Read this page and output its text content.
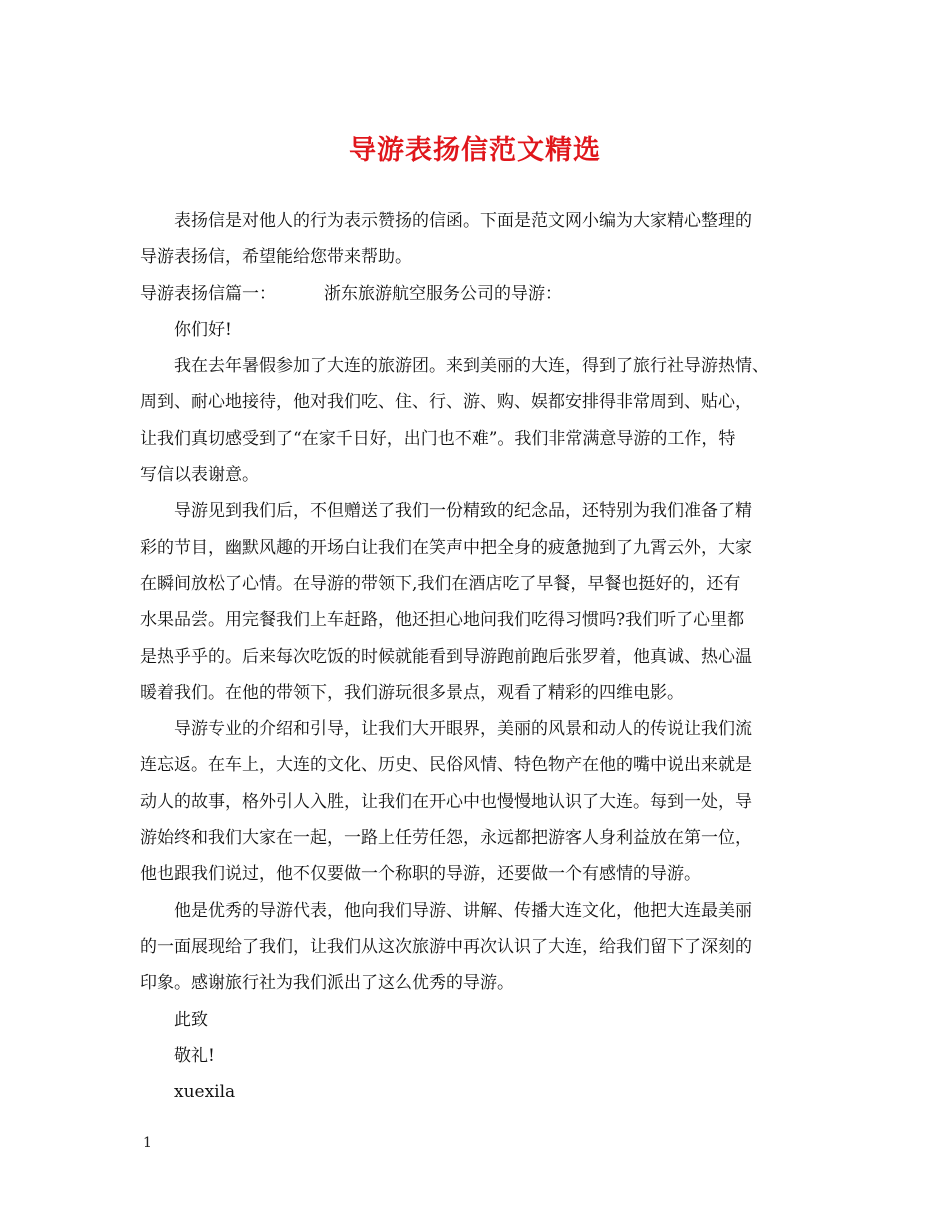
导游表扬信范文精选
表扬信是对他人的行为表示赞扬的信函。下面是范文网小编为大家精心整理的
导游表扬信，希望能给您带来帮助。
导游表扬信篇一：	浙东旅游航空服务公司的导游：
你们好!
我在去年暑假参加了大连的旅游团。来到美丽的大连，得到了旅行社导游热情、
周到、耐心地接待，他对我们吃、住、行、游、购、娱都安排得非常周到、贴心，
让我们真切感受到了“在家千日好，出门也不难”。我们非常满意导游的工作，特
写信以表谢意。
导游见到我们后，不但赠送了我们一份精致的纪念品，还特别为我们准备了精
彩的节目，幽默风趣的开场白让我们在笑声中把全身的疲惫抛到了九霄云外，大家
在瞬间放松了心情。在导游的带领下,我们在酒店吃了早餐，早餐也挺好的，还有
水果品尝。用完餐我们上车赶路，他还担心地问我们吃得习惯吗?我们听了心里都
是热乎乎的。后来每次吃饭的时候就能看到导游跑前跑后张罗着，他真诚、热心温
暖着我们。在他的带领下，我们游玩很多景点，观看了精彩的四维电影。
导游专业的介绍和引导，让我们大开眼界，美丽的风景和动人的传说让我们流
连忘返。在车上，大连的文化、历史、民俗风情、特色物产在他的嘴中说出来就是
动人的故事，格外引人入胜，让我们在开心中也慢慢地认识了大连。每到一处，导
游始终和我们大家在一起，一路上任劳任怨，永远都把游客人身利益放在第一位，
他也跟我们说过，他不仅要做一个称职的导游，还要做一个有感情的导游。
他是优秀的导游代表，他向我们导游、讲解、传播大连文化，他把大连最美丽
的一面展现给了我们，让我们从这次旅游中再次认识了大连，给我们留下了深刻的
印象。感谢旅行社为我们派出了这么优秀的导游。
此致
敬礼!
xuexila
1
